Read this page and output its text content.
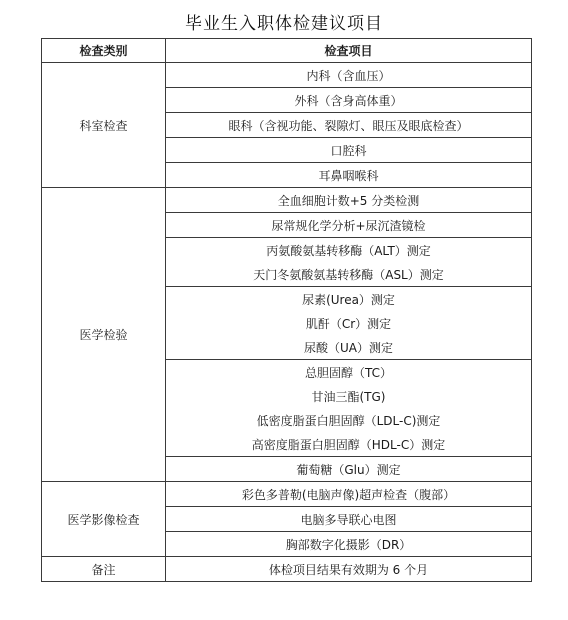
毕业生入职体检建议项目
检查类别	检查项目
科室检查	内科（含血压）
	外科（含身高体重）
	眼科（含视功能、裂隙灯、眼压及眼底检查）
	口腔科
	耳鼻咽喉科
医学检验	全血细胞计数+5 分类检测
	尿常规化学分析+尿沉渣镜检
	丙氨酸氨基转移酶（ALT）测定
	天门冬氨酸氨基转移酶（ASL）测定
	尿素(Urea）测定
	肌酐（Cr）测定
	尿酸（UA）测定
	总胆固醇（TC）
	甘油三酯(TG)
	低密度脂蛋白胆固醇（LDL-C)测定
	高密度脂蛋白胆固醇（HDL-C）测定
	葡萄糖（Glu）测定
医学影像检查	彩色多普勒(电脑声像)超声检查（腹部）
	电脑多导联心电图
	胸部数字化摄影（DR）
备注	体检项目结果有效期为 6 个月
